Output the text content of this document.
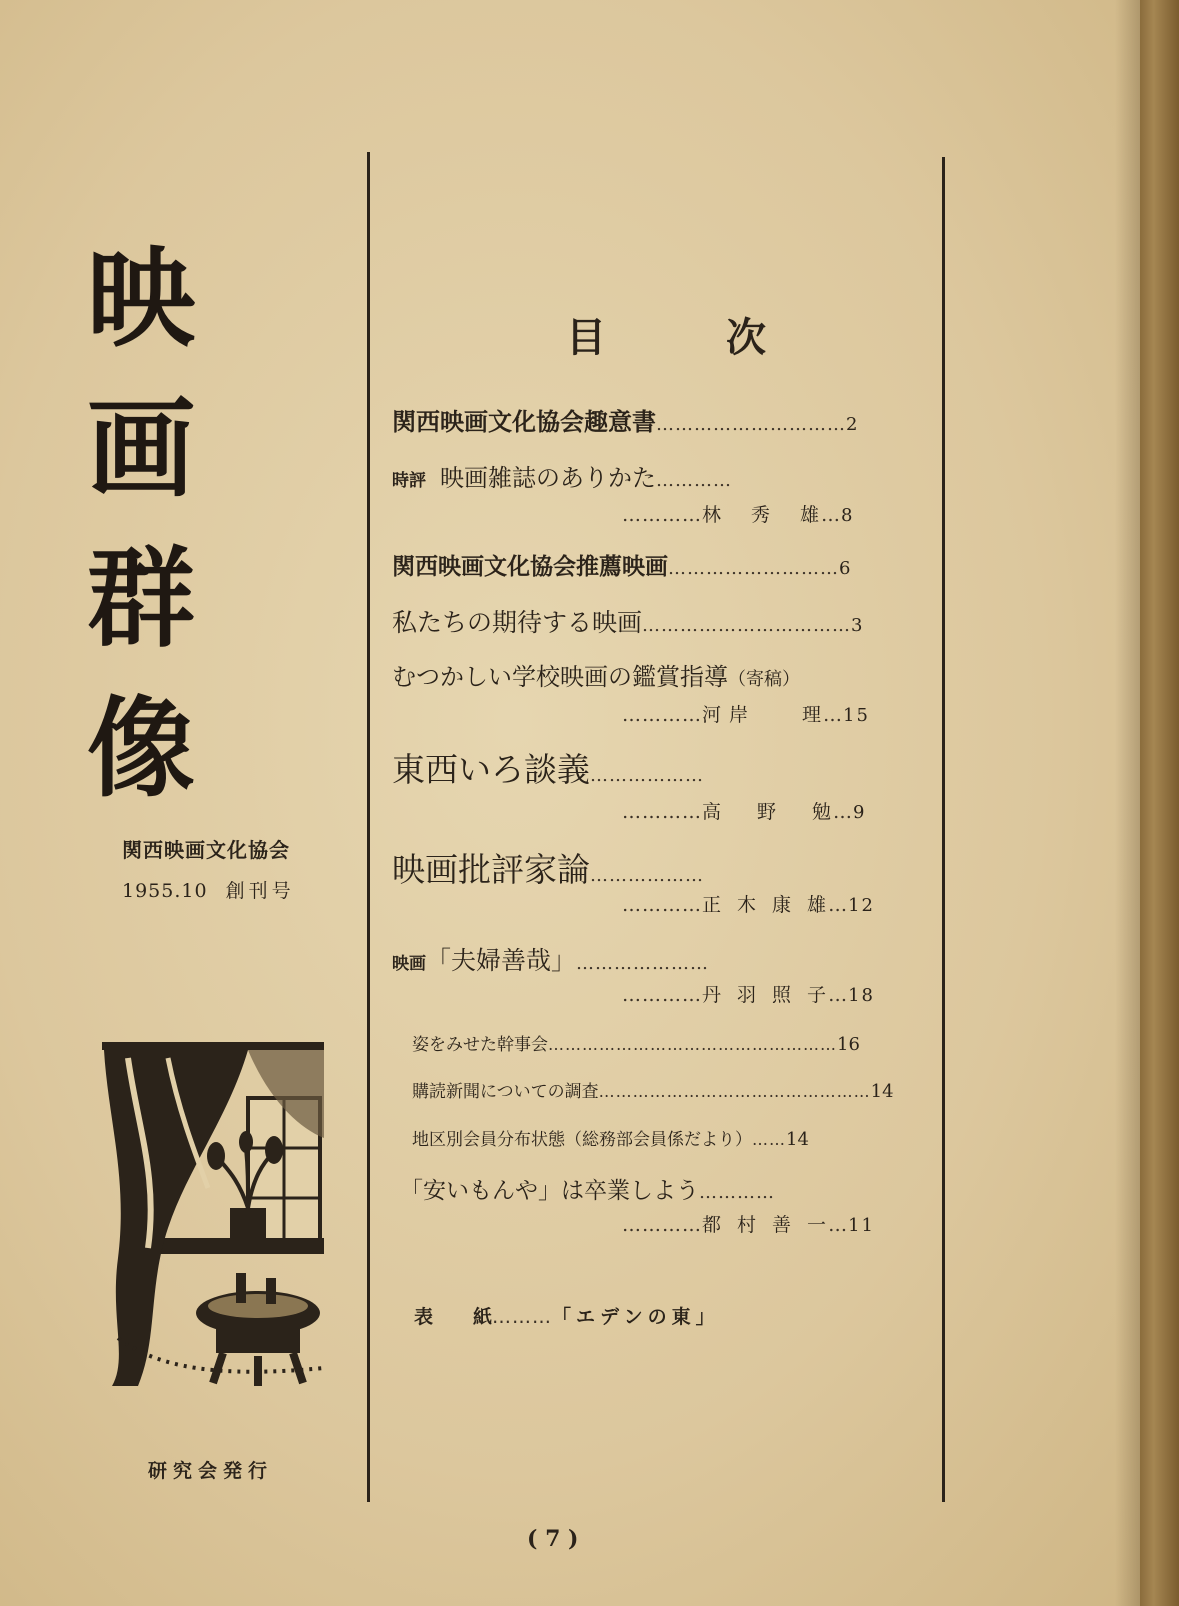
映
画
群
像
関西映画文化協会
1955.10 創刊号
研究会発行
目	次
関西映画文化協会趣意書…………………………2
時評 映画雑誌のありかた…………
…………林 秀 雄…8
関西映画文化協会推薦映画………………………6
私たちの期待する映画……………………………3
むつかしい学校映画の鑑賞指導（寄稿）
…………河 岸	理…15
東西いろ談義………………
…………高 野 勉…9
映画批評家論………………
…………正 木 康 雄…12
映画「夫婦善哉」…………………
…………丹 羽 照 子…18
姿をみせた幹事会……………………………………………16
購読新聞についての調査…………………………………………14
地区別会員分布状態（総務部会員係だより）……14
「安いもんや」は卒業しよう…………
…………都 村 善 一…11
表 紙………「エデンの東」
( 7 )
